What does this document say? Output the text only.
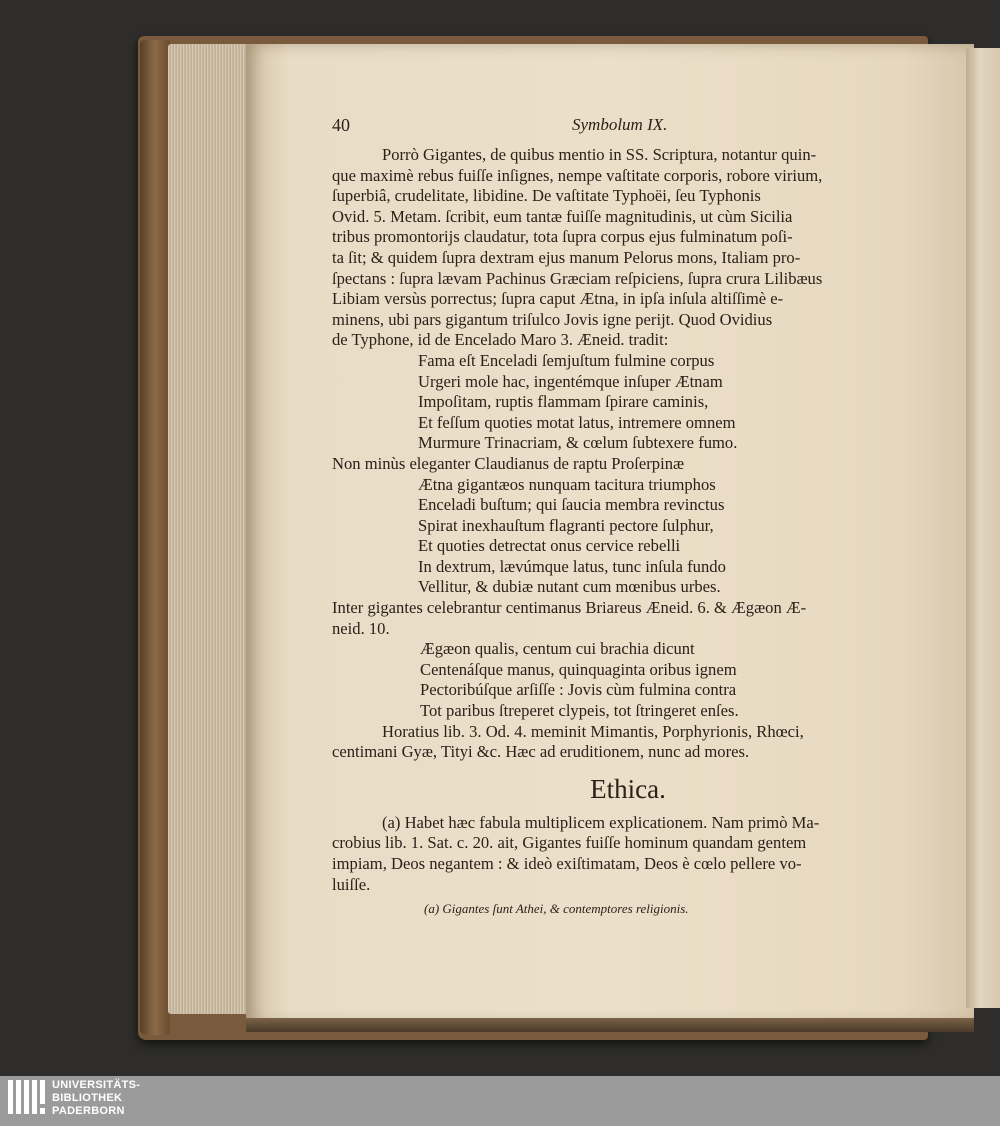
40	Symbolum IX.

Porrò Gigantes, de quibus mentio in SS. Scriptura, notantur quin-

que maximè rebus fuiſſe inſignes, nempe vaſtitate corporis, robore virium,
ſuperbiâ, crudelitate, libidine. De vaſtitate Typhoëi, ſeu Typhonis
Ovid. 5. Metam. ſcribit, eum tantæ fuiſſe magnitudinis, ut cùm Sicilia
tribus promontorijs claudatur, tota ſupra corpus ejus fulminatum poſi-
ta ſit; & quidem ſupra dextram ejus manum Pelorus mons, Italiam pro-
ſpectans : ſupra lævam Pachinus Græciam reſpiciens, ſupra crura Lilibæus
Libiam versùs porrectus; ſupra caput Ætna, in ipſa inſula altiſſimè e-
minens, ubi pars gigantum triſulco Jovis igne perijt. Quod Ovidius
de Typhone, id de Encelado Maro 3. Æneid. tradit:

Fama eſt Enceladi ſemjuſtum fulmine corpus
Urgeri mole hac, ingentémque inſuper Ætnam
Impoſitam, ruptis flammam ſpirare caminis,
Et feſſum quoties motat latus, intremere omnem
Murmure Trinacriam, & cœlum ſubtexere fumo.

Non minùs eleganter Claudianus de raptu Proſerpinæ

Ætna gigantæos nunquam tacitura triumphos
Enceladi buſtum; qui ſaucia membra revinctus
Spirat inexhauſtum flagranti pectore ſulphur,
Et quoties detrectat onus cervice rebelli
In dextrum, lævúmque latus, tunc inſula fundo
Vellitur, & dubiæ nutant cum mœnibus urbes.

Inter gigantes celebrantur centimanus Briareus Æneid. 6. & Ægæon Æ-
neid. 10.

Ægæon qualis, centum cui brachia dicunt
Centenáſque manus, quinquaginta oribus ignem
Pectoribúſque arſiſſe : Jovis cùm fulmina contra
Tot paribus ſtreperet clypeis, tot ſtringeret enſes.

Horatius lib. 3. Od. 4. meminit Mimantis, Porphyrionis, Rhœci,

centimani Gyæ, Tityi &c. Hæc ad eruditionem, nunc ad mores.

Ethica.

(a) Habet hæc fabula multiplicem explicationem. Nam primò Ma-

crobius lib. 1. Sat. c. 20. ait, Gigantes fuiſſe hominum quandam gentem
impiam, Deos negantem : & ideò exiſtimatam, Deos è cœlo pellere vo-

luiſſe.

(a) Gigantes ſunt Athei, & contemptores religionis.
UNIVERSITÄTS-
BIBLIOTHEK
PADERBORN
